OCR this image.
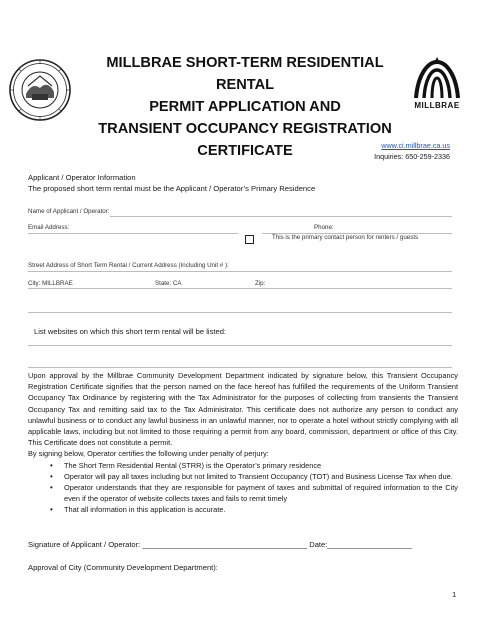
MILLBRAE
MILLBRAE SHORT-TERM RESIDENTIAL RENTAL
PERMIT APPLICATION AND
TRANSIENT OCCUPANCY REGISTRATION
CERTIFICATE	www.ci.millbrae.ca.us
Inquiries: 650-259-2336
Applicant / Operator Information
The proposed short term rental must be the Applicant / Operator’s Primary Residence
Name of Applicant / Operator:
Email Address:	Phone:
This is the primary contact person for renters / guests
Street Address of Short Term Rental / Current Address (Including Unit # ):
City: MILLBRAE	State: CA	Zip:
List websites on which this short term rental will be listed:

Upon approval by the Millbrae Community Development Department indicated by signature below, this Transient Occupancy Registration Certificate signifies that the person named on the face hereof has fulfilled the requirements of the Uniform Transient Occupancy Tax Ordinance by registering with the Tax Administrator for the purposes of collecting from transients the Transient Occupancy Tax and remitting said tax to the Tax Administrator. This certificate does not authorize any person to conduct any unlawful business or to conduct any lawful business in an unlawful manner, nor to operate a hotel without strictly complying with all applicable laws, including but not limited to those requiring a permit from any board, commission, department or office of this City. This Certificate does not constitute a permit.

By signing below, Operator certifies the following under penalty of perjury:

• The Short Term Residential Rental (STRR) is the Operator’s primary residence
• Operator will pay all taxes including but not limited to Transient Occupancy (TOT) and Business License Tax when due.
• Operator understands that they are responsible for payment of taxes and submittal of required information to the City even if the operator of website collects taxes and fails to remit timely
• That all information in this application is accurate.
Signature of Applicant / Operator: _______________________________________ Date:____________________
Approval of City (Community Development Department):
1
